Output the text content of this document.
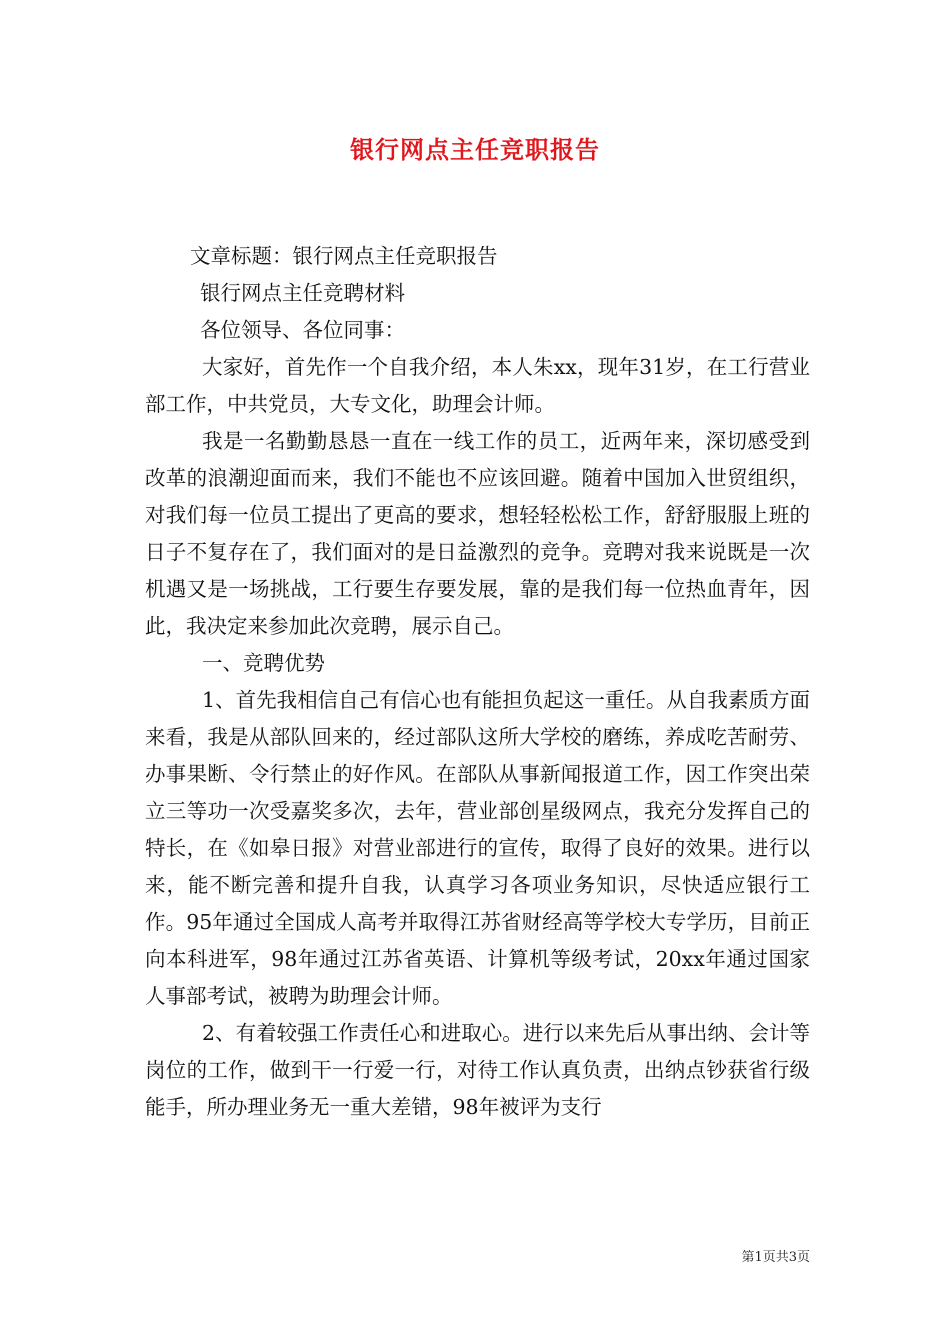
银行网点主任竞职报告

文章标题：银行网点主任竞职报告

银行网点主任竞聘材料

各位领导、各位同事：

大家好，首先作一个自我介绍，本人朱xx，现年31岁，在工行营业部工作，中共党员，大专文化，助理会计师。

我是一名勤勤恳恳一直在一线工作的员工，近两年来，深切感受到改革的浪潮迎面而来，我们不能也不应该回避。随着中国加入世贸组织，对我们每一位员工提出了更高的要求，想轻轻松松工作，舒舒服服上班的日子不复存在了，我们面对的是日益激烈的竞争。竞聘对我来说既是一次机遇又是一场挑战，工行要生存要发展，靠的是我们每一位热血青年，因此，我决定来参加此次竞聘，展示自己。

一、竞聘优势

1、首先我相信自己有信心也有能担负起这一重任。从自我素质方面来看，我是从部队回来的，经过部队这所大学校的磨练，养成吃苦耐劳、办事果断、令行禁止的好作风。在部队从事新闻报道工作，因工作突出荣立三等功一次受嘉奖多次，去年，营业部创星级网点，我充分发挥自己的特长，在《如皋日报》对营业部进行的宣传，取得了良好的效果。进行以来，能不断完善和提升自我，认真学习各项业务知识，尽快适应银行工作。95年通过全国成人高考并取得江苏省财经高等学校大专学历，目前正向本科进军，98年通过江苏省英语、计算机等级考试，20xx年通过国家人事部考试，被聘为助理会计师。

2、有着较强工作责任心和进取心。进行以来先后从事出纳、会计等岗位的工作，做到干一行爱一行，对待工作认真负责，出纳点钞获省行级能手，所办理业务无一重大差错，98年被评为支行

第1页共3页
